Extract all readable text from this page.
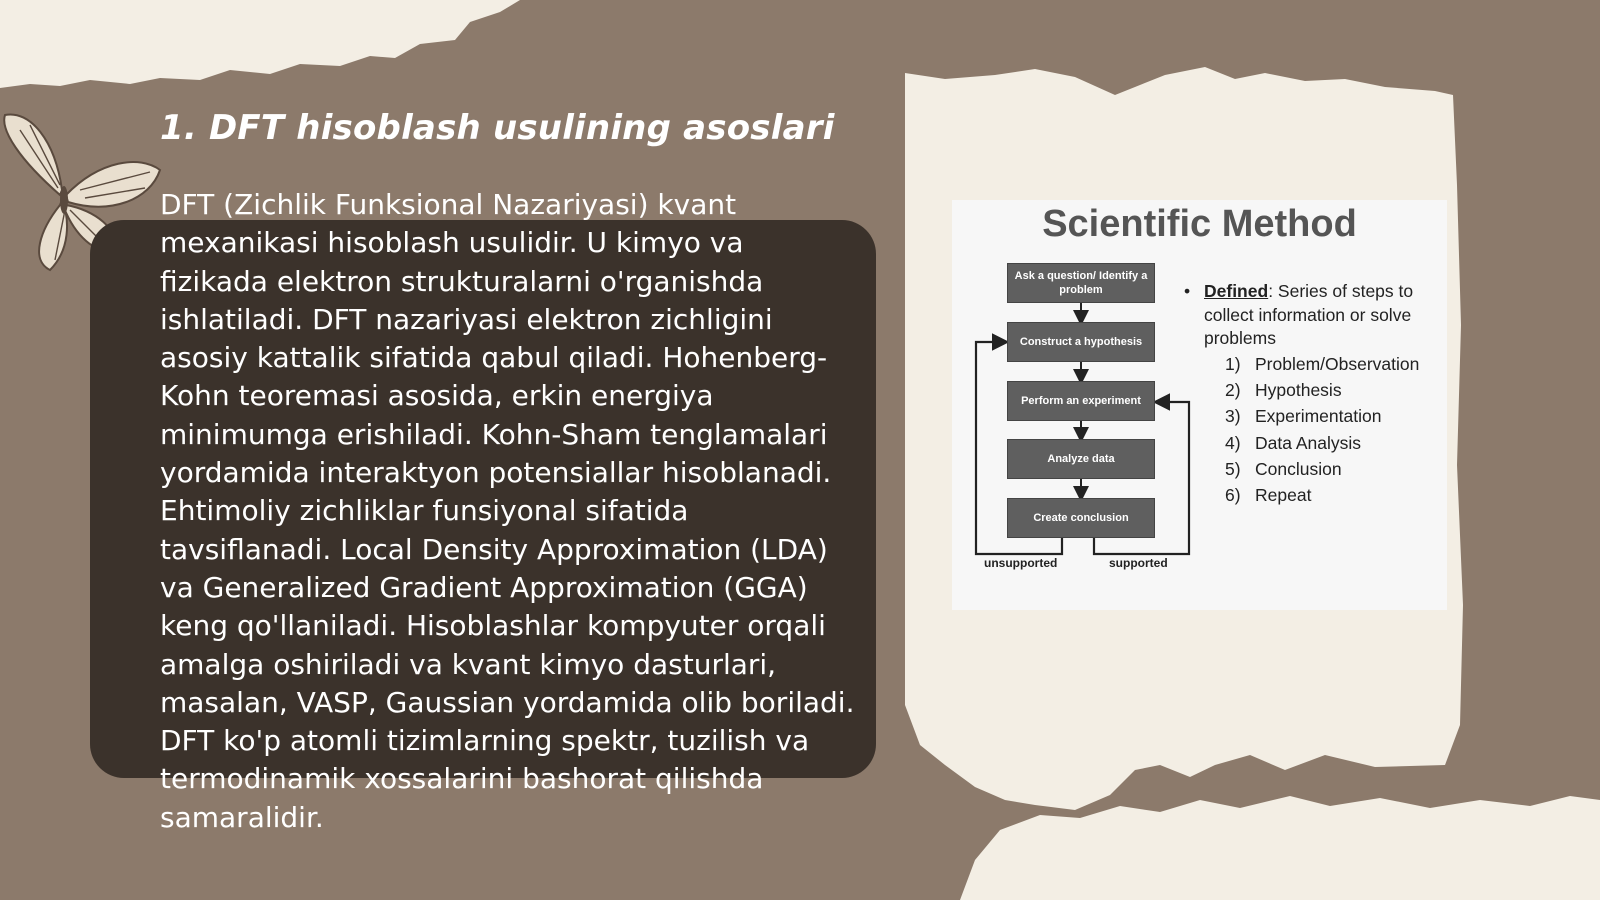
1. DFT hisoblash usulining asoslari

DFT (Zichlik Funksional Nazariyasi) kvant mexanikasi hisoblash usulidir. U kimyo va fizikada elektron strukturalarni o'rganishda ishlatiladi. DFT nazariyasi elektron zichligini asosiy kattalik sifatida qabul qiladi. Hohenberg-Kohn teoremasi asosida, erkin energiya minimumga erishiladi. Kohn-Sham tenglamalari yordamida interaktyon potensiallar hisoblanadi. Ehtimoliy zichliklar funsiyonal sifatida tavsiflanadi. Local Density Approximation (LDA) va Generalized Gradient Approximation (GGA) keng qo'llaniladi. Hisoblashlar kompyuter orqali amalga oshiriladi va kvant kimyo dasturlari, masalan, VASP, Gaussian yordamida olib boriladi. DFT ko'p atomli tizimlarning spektr, tuzilish va termodinamik xossalarini bashorat qilishda samaralidir.

Scientific Method
Ask a question/ Identify a problem
Construct a hypothesis
Perform an experiment
Analyze data
Create conclusion
unsupported	supported
• Defined: Series of steps to collect information or solve problems
1) Problem/Observation
2) Hypothesis
3) Experimentation
4) Data Analysis
5) Conclusion
6) Repeat
